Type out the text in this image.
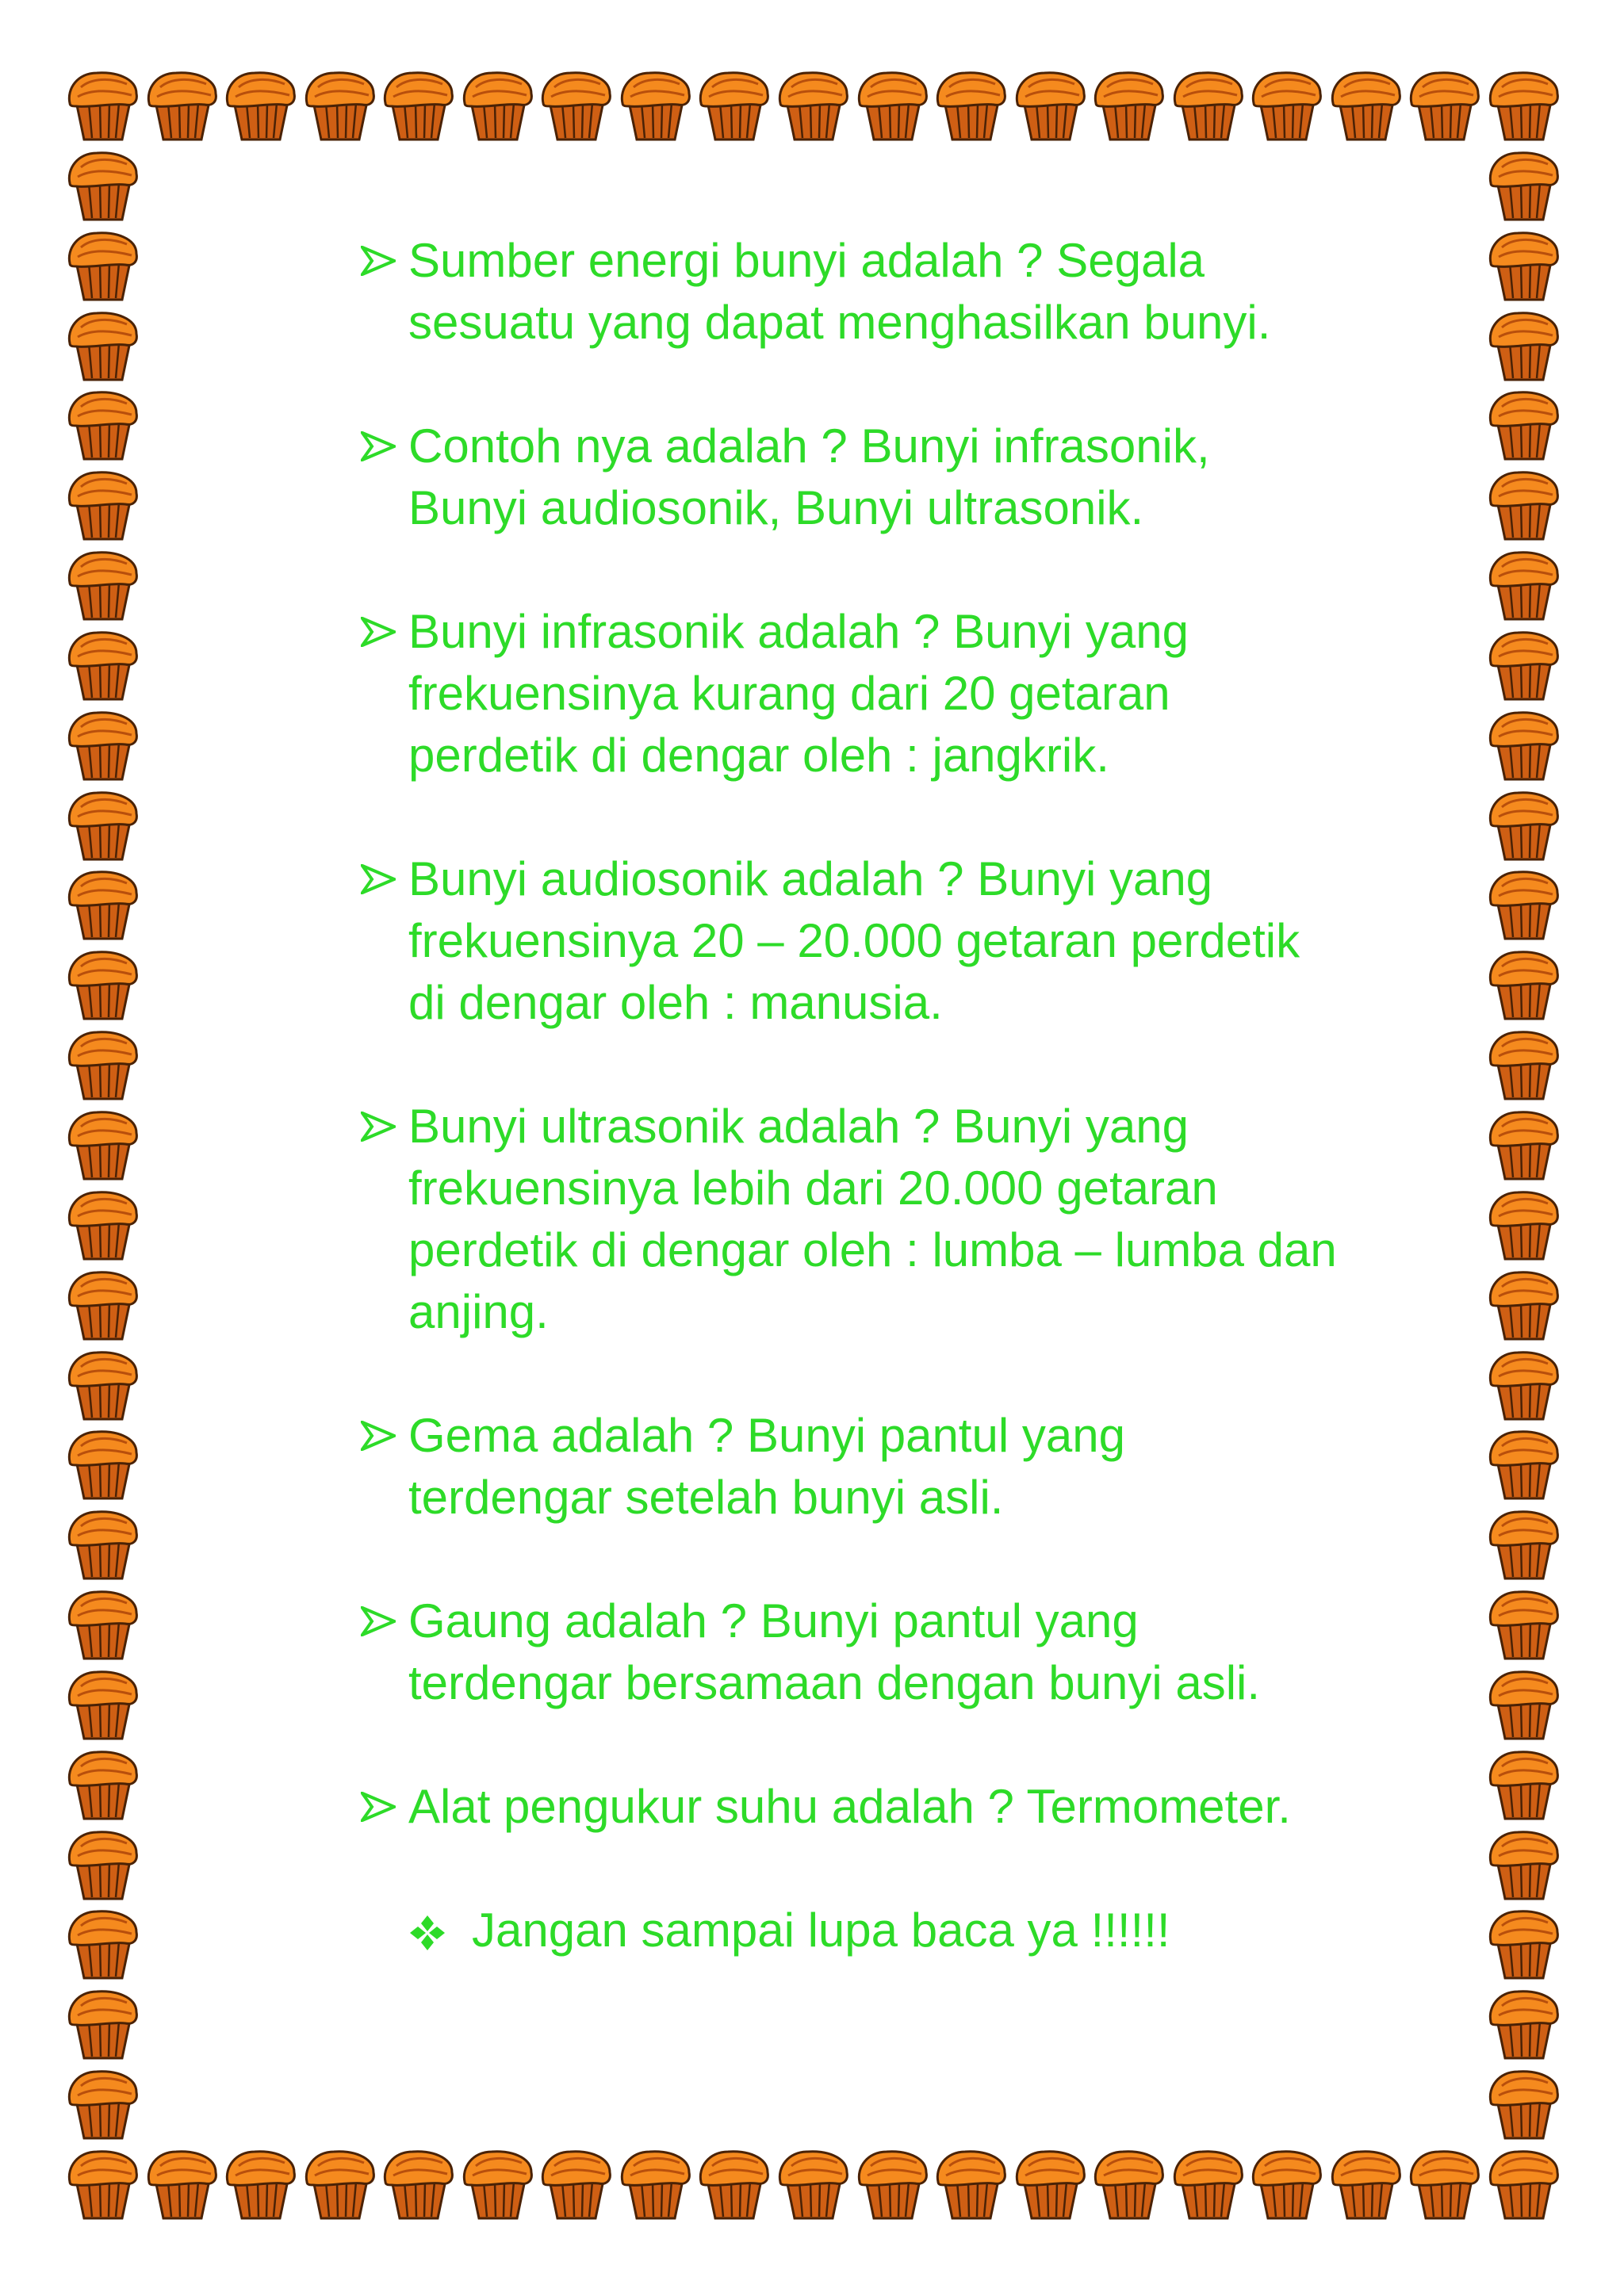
Sumber energi bunyi adalah ? Segala
sesuatu yang dapat menghasilkan bunyi.
Contoh nya adalah ? Bunyi infrasonik,
Bunyi audiosonik, Bunyi ultrasonik.
Bunyi infrasonik adalah ? Bunyi yang
frekuensinya kurang dari 20 getaran
perdetik di dengar oleh : jangkrik.
Bunyi audiosonik adalah ? Bunyi yang
frekuensinya 20 – 20.000 getaran perdetik
di dengar oleh : manusia.
Bunyi ultrasonik adalah ? Bunyi yang
frekuensinya lebih dari 20.000 getaran
perdetik di dengar oleh : lumba – lumba dan
anjing.
Gema adalah ? Bunyi pantul yang
terdengar setelah bunyi asli.
Gaung adalah ? Bunyi pantul yang
terdengar bersamaan dengan bunyi asli.
Alat pengukur suhu adalah ? Termometer.
Jangan sampai lupa baca ya !!!!!!
